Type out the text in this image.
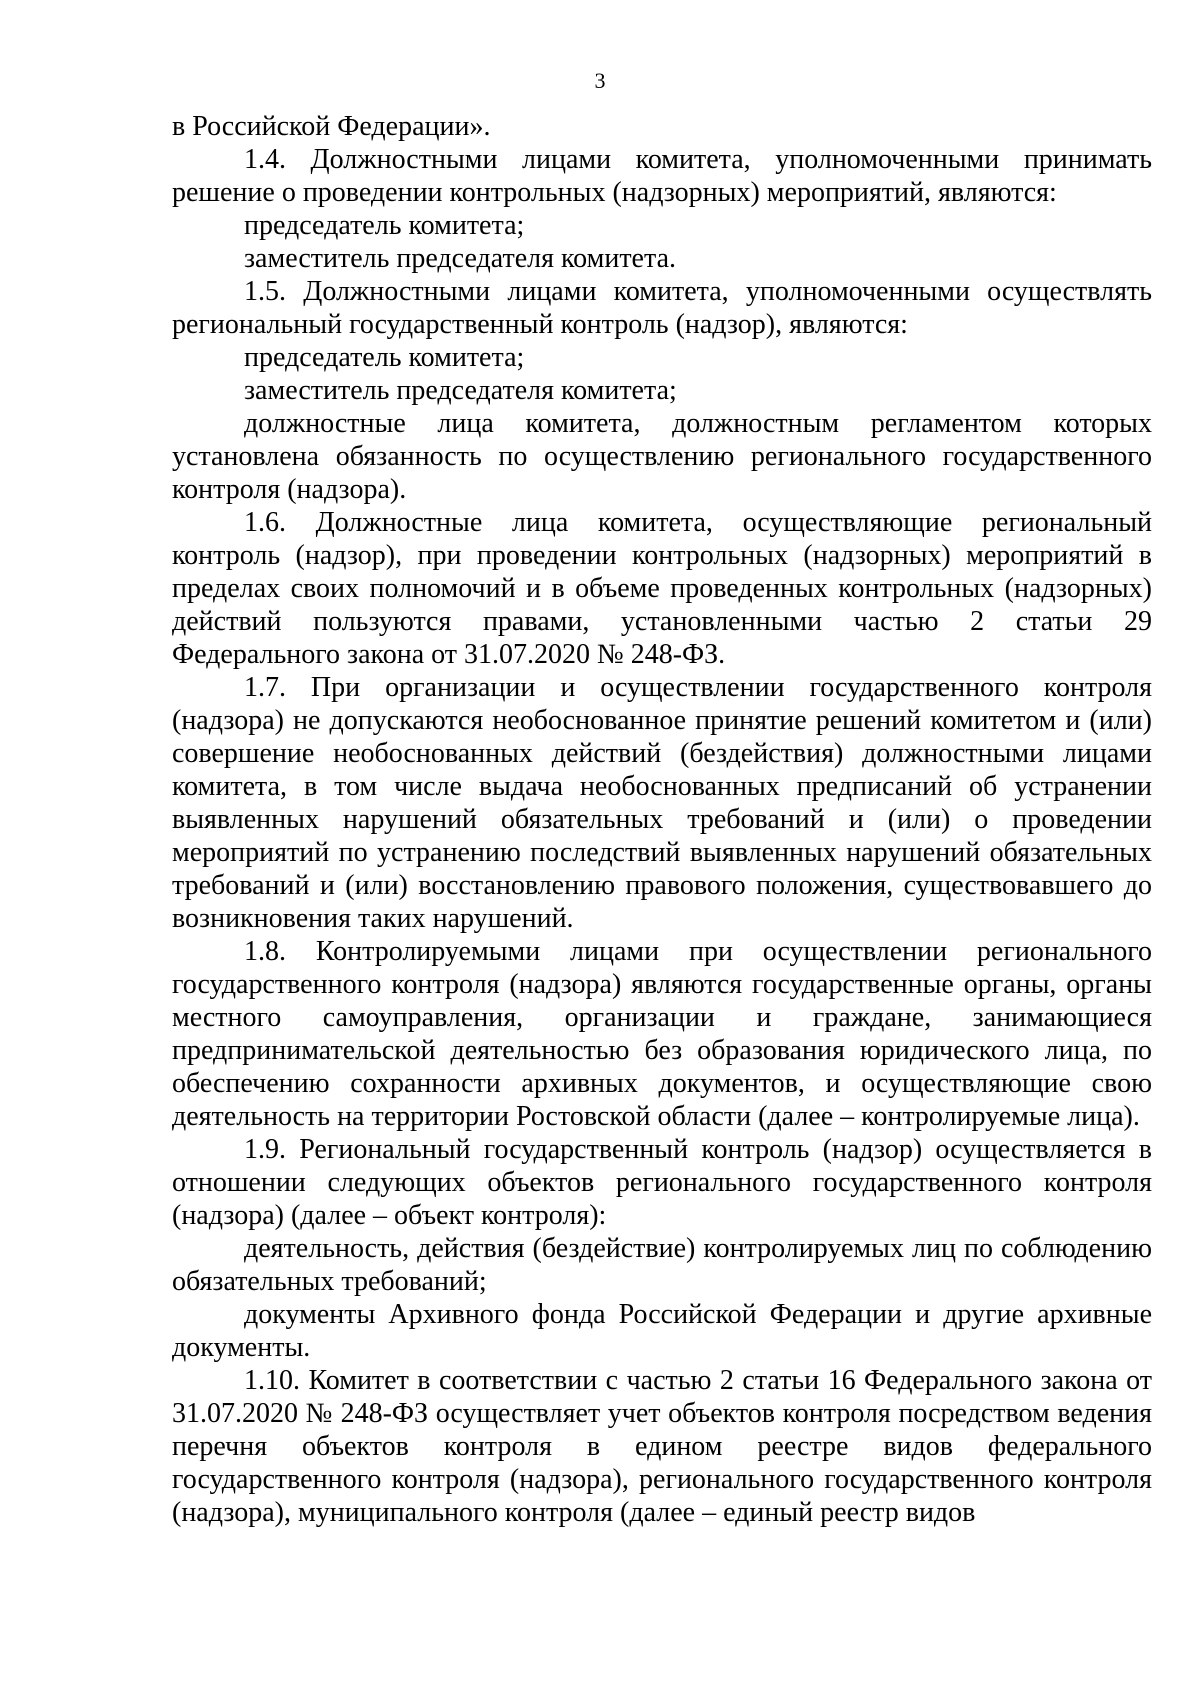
3

в Российской Федерации».

1.4. Должностными лицами комитета, уполномоченными принимать решение о проведении контрольных (надзорных) мероприятий, являются:

председатель комитета;

заместитель председателя комитета.

1.5. Должностными лицами комитета, уполномоченными осуществлять региональный государственный контроль (надзор), являются:

председатель комитета;

заместитель председателя комитета;

должностные лица комитета, должностным регламентом которых установлена обязанность по осуществлению регионального государственного контроля (надзора).

1.6. Должностные лица комитета, осуществляющие региональный контроль (надзор), при проведении контрольных (надзорных) мероприятий в пределах своих полномочий и в объеме проведенных контрольных (надзорных) действий пользуются правами, установленными частью 2 статьи 29 Федерального закона от 31.07.2020 № 248-ФЗ.

1.7. При организации и осуществлении государственного контроля (надзора) не допускаются необоснованное принятие решений комитетом и (или) совершение необоснованных действий (бездействия) должностными лицами комитета, в том числе выдача необоснованных предписаний об устранении выявленных нарушений обязательных требований и (или) о проведении мероприятий по устранению последствий выявленных нарушений обязательных требований и (или) восстановлению правового положения, существовавшего до возникновения таких нарушений.

1.8. Контролируемыми лицами при осуществлении регионального государственного контроля (надзора) являются государственные органы, органы местного самоуправления, организации и граждане, занимающиеся предпринимательской деятельностью без образования юридического лица, по обеспечению сохранности архивных документов, и осуществляющие свою деятельность на территории Ростовской области (далее – контролируемые лица).

1.9. Региональный государственный контроль (надзор) осуществляется в отношении следующих объектов регионального государственного контроля (надзора) (далее – объект контроля):

деятельность, действия (бездействие) контролируемых лиц по соблюдению обязательных требований;

документы Архивного фонда Российской Федерации и другие архивные документы.

1.10. Комитет в соответствии с частью 2 статьи 16 Федерального закона от 31.07.2020 № 248-ФЗ осуществляет учет объектов контроля посредством ведения перечня объектов контроля в едином реестре видов федерального государственного контроля (надзора), регионального государственного контроля (надзора), муниципального контроля (далее – единый реестр видов
